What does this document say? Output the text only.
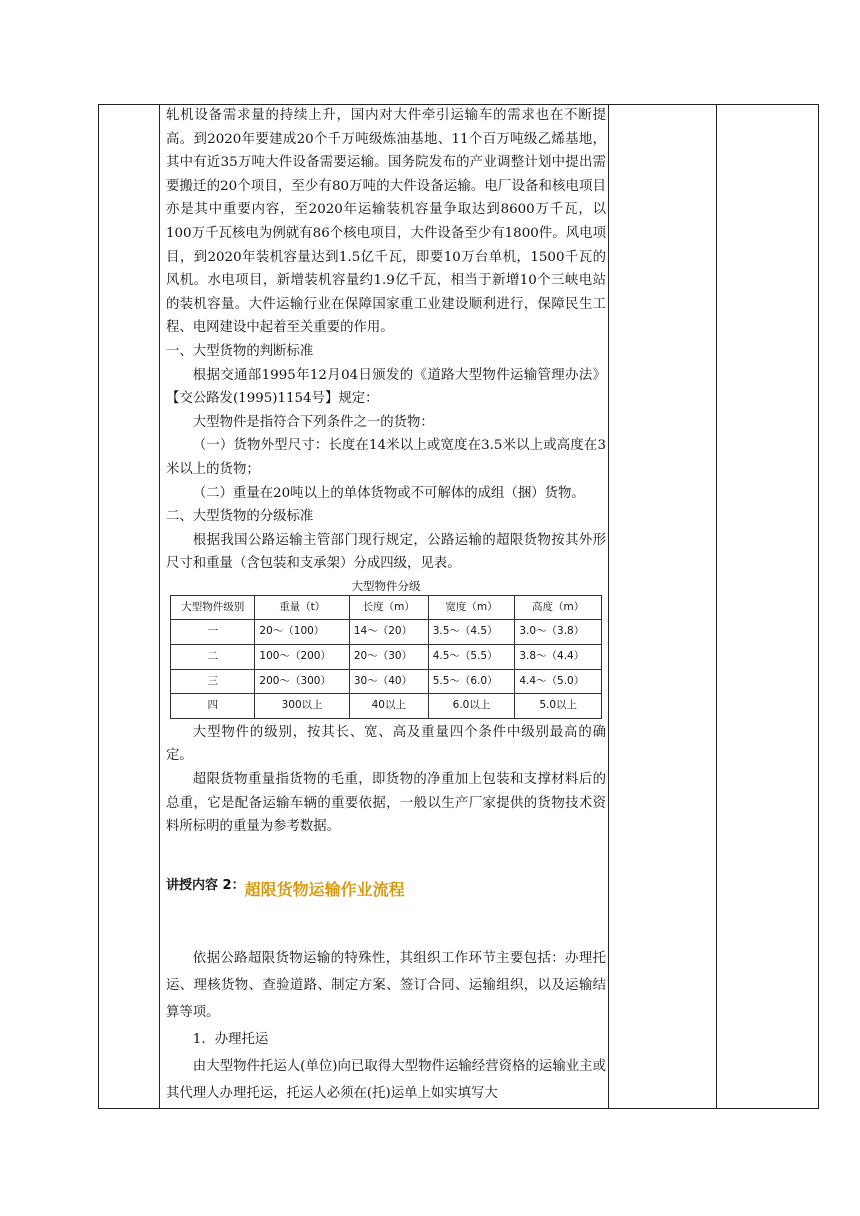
轧机设备需求量的持续上升，国内对大件牵引运输车的需求也在不断提高。到2020年要建成20个千万吨级炼油基地、11个百万吨级乙烯基地，其中有近35万吨大件设备需要运输。国务院发布的产业调整计划中提出需要搬迁的20个项目，至少有80万吨的大件设备运输。电厂设备和核电项目亦是其中重要内容，至2020年运输装机容量争取达到8600万千瓦，以100万千瓦核电为例就有86个核电项目，大件设备至少有1800件。风电项目，到2020年装机容量达到1.5亿千瓦，即要10万台单机，1500千瓦的风机。水电项目，新增装机容量约1.9亿千瓦，相当于新增10个三峡电站的装机容量。大件运输行业在保障国家重工业建设顺利进行，保障民生工程、电网建设中起着至关重要的作用。

一、大型货物的判断标准

根据交通部1995年12月04日颁发的《道路大型物件运输管理办法》【交公路发(1995)1154号】规定：

大型物件是指符合下列条件之一的货物：

（一）货物外型尺寸：长度在14米以上或宽度在3.5米以上或高度在3米以上的货物；

（二）重量在20吨以上的单体货物或不可解体的成组（捆）货物。

二、大型货物的分级标准

根据我国公路运输主管部门现行规定，公路运输的超限货物按其外形尺寸和重量（含包装和支承架）分成四级，见表。

大型物件分级
大型物件级别	重量（t）	长度（m）	宽度（m）	高度（m）
一	20～（100）	14～（20）	3.5～（4.5）	3.0～（3.8）
二	100～（200）	20～（30）	4.5～（5.5）	3.8～（4.4）
三	200～（300）	30～（40）	5.5～（6.0）	4.4～（5.0）
四	300以上	40以上	6.0以上	5.0以上

大型物件的级别，按其长、宽、高及重量四个条件中级别最高的确定。

超限货物重量指货物的毛重，即货物的净重加上包装和支撑材料后的总重，它是配备运输车辆的重要依据，一般以生产厂家提供的货物技术资料所标明的重量为参考数据。

讲授内容 2：超限货物运输作业流程

依据公路超限货物运输的特殊性，其组织工作环节主要包括：办理托运、理核货物、查验道路、制定方案、签订合同、运输组织，以及运输结算等项。

1．办理托运

由大型物件托运人(单位)向已取得大型物件运输经营资格的运输业主或其代理人办理托运，托运人必须在(托)运单上如实填写大
